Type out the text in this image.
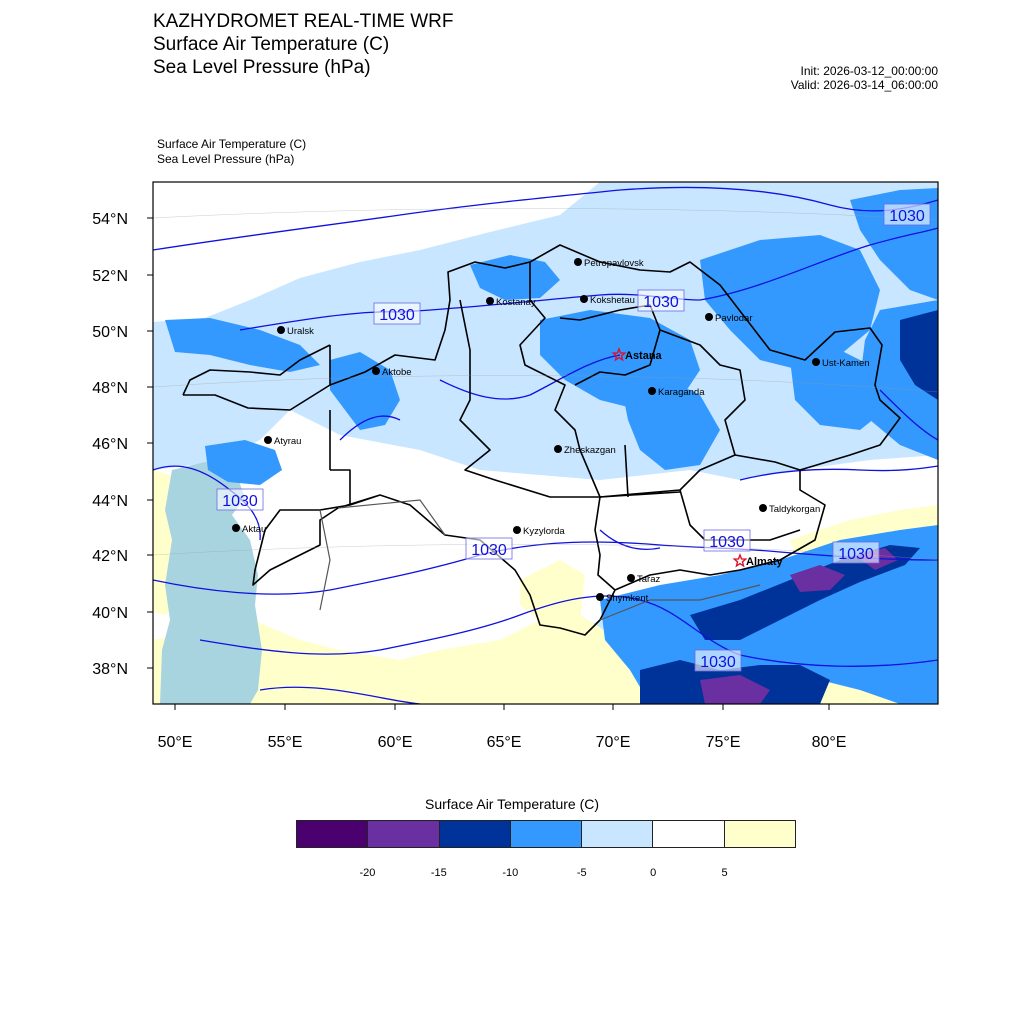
KAZHYDROMET REAL-TIME WRF
Surface Air Temperature (C)
Sea Level Pressure (hPa)	Init: 2026-03-12_00:00:00
Valid: 2026-03-14_06:00:00
Surface Air Temperature (C)
Sea Level Pressure (hPa)
54°N
52°N
50°N
48°N
46°N
44°N
42°N
40°N
38°N
50°E	55°E	60°E	65°E	70°E	75°E	80°E
1030
1030
1030
1030
1030	1030
1030
1030
Petropavlovsk
Kostanay	Kokshetau
Pavlodar
Uralsk
Astana
Aktobe
Ust-Kamen
Karaganda
Atyrau
Zheskazgan
Aktau	Kyzylorda
Taldykorgan
Almaty
Taraz
Shymkent
Surface Air Temperature (C)
-20	-15	-10	-5	0	5
